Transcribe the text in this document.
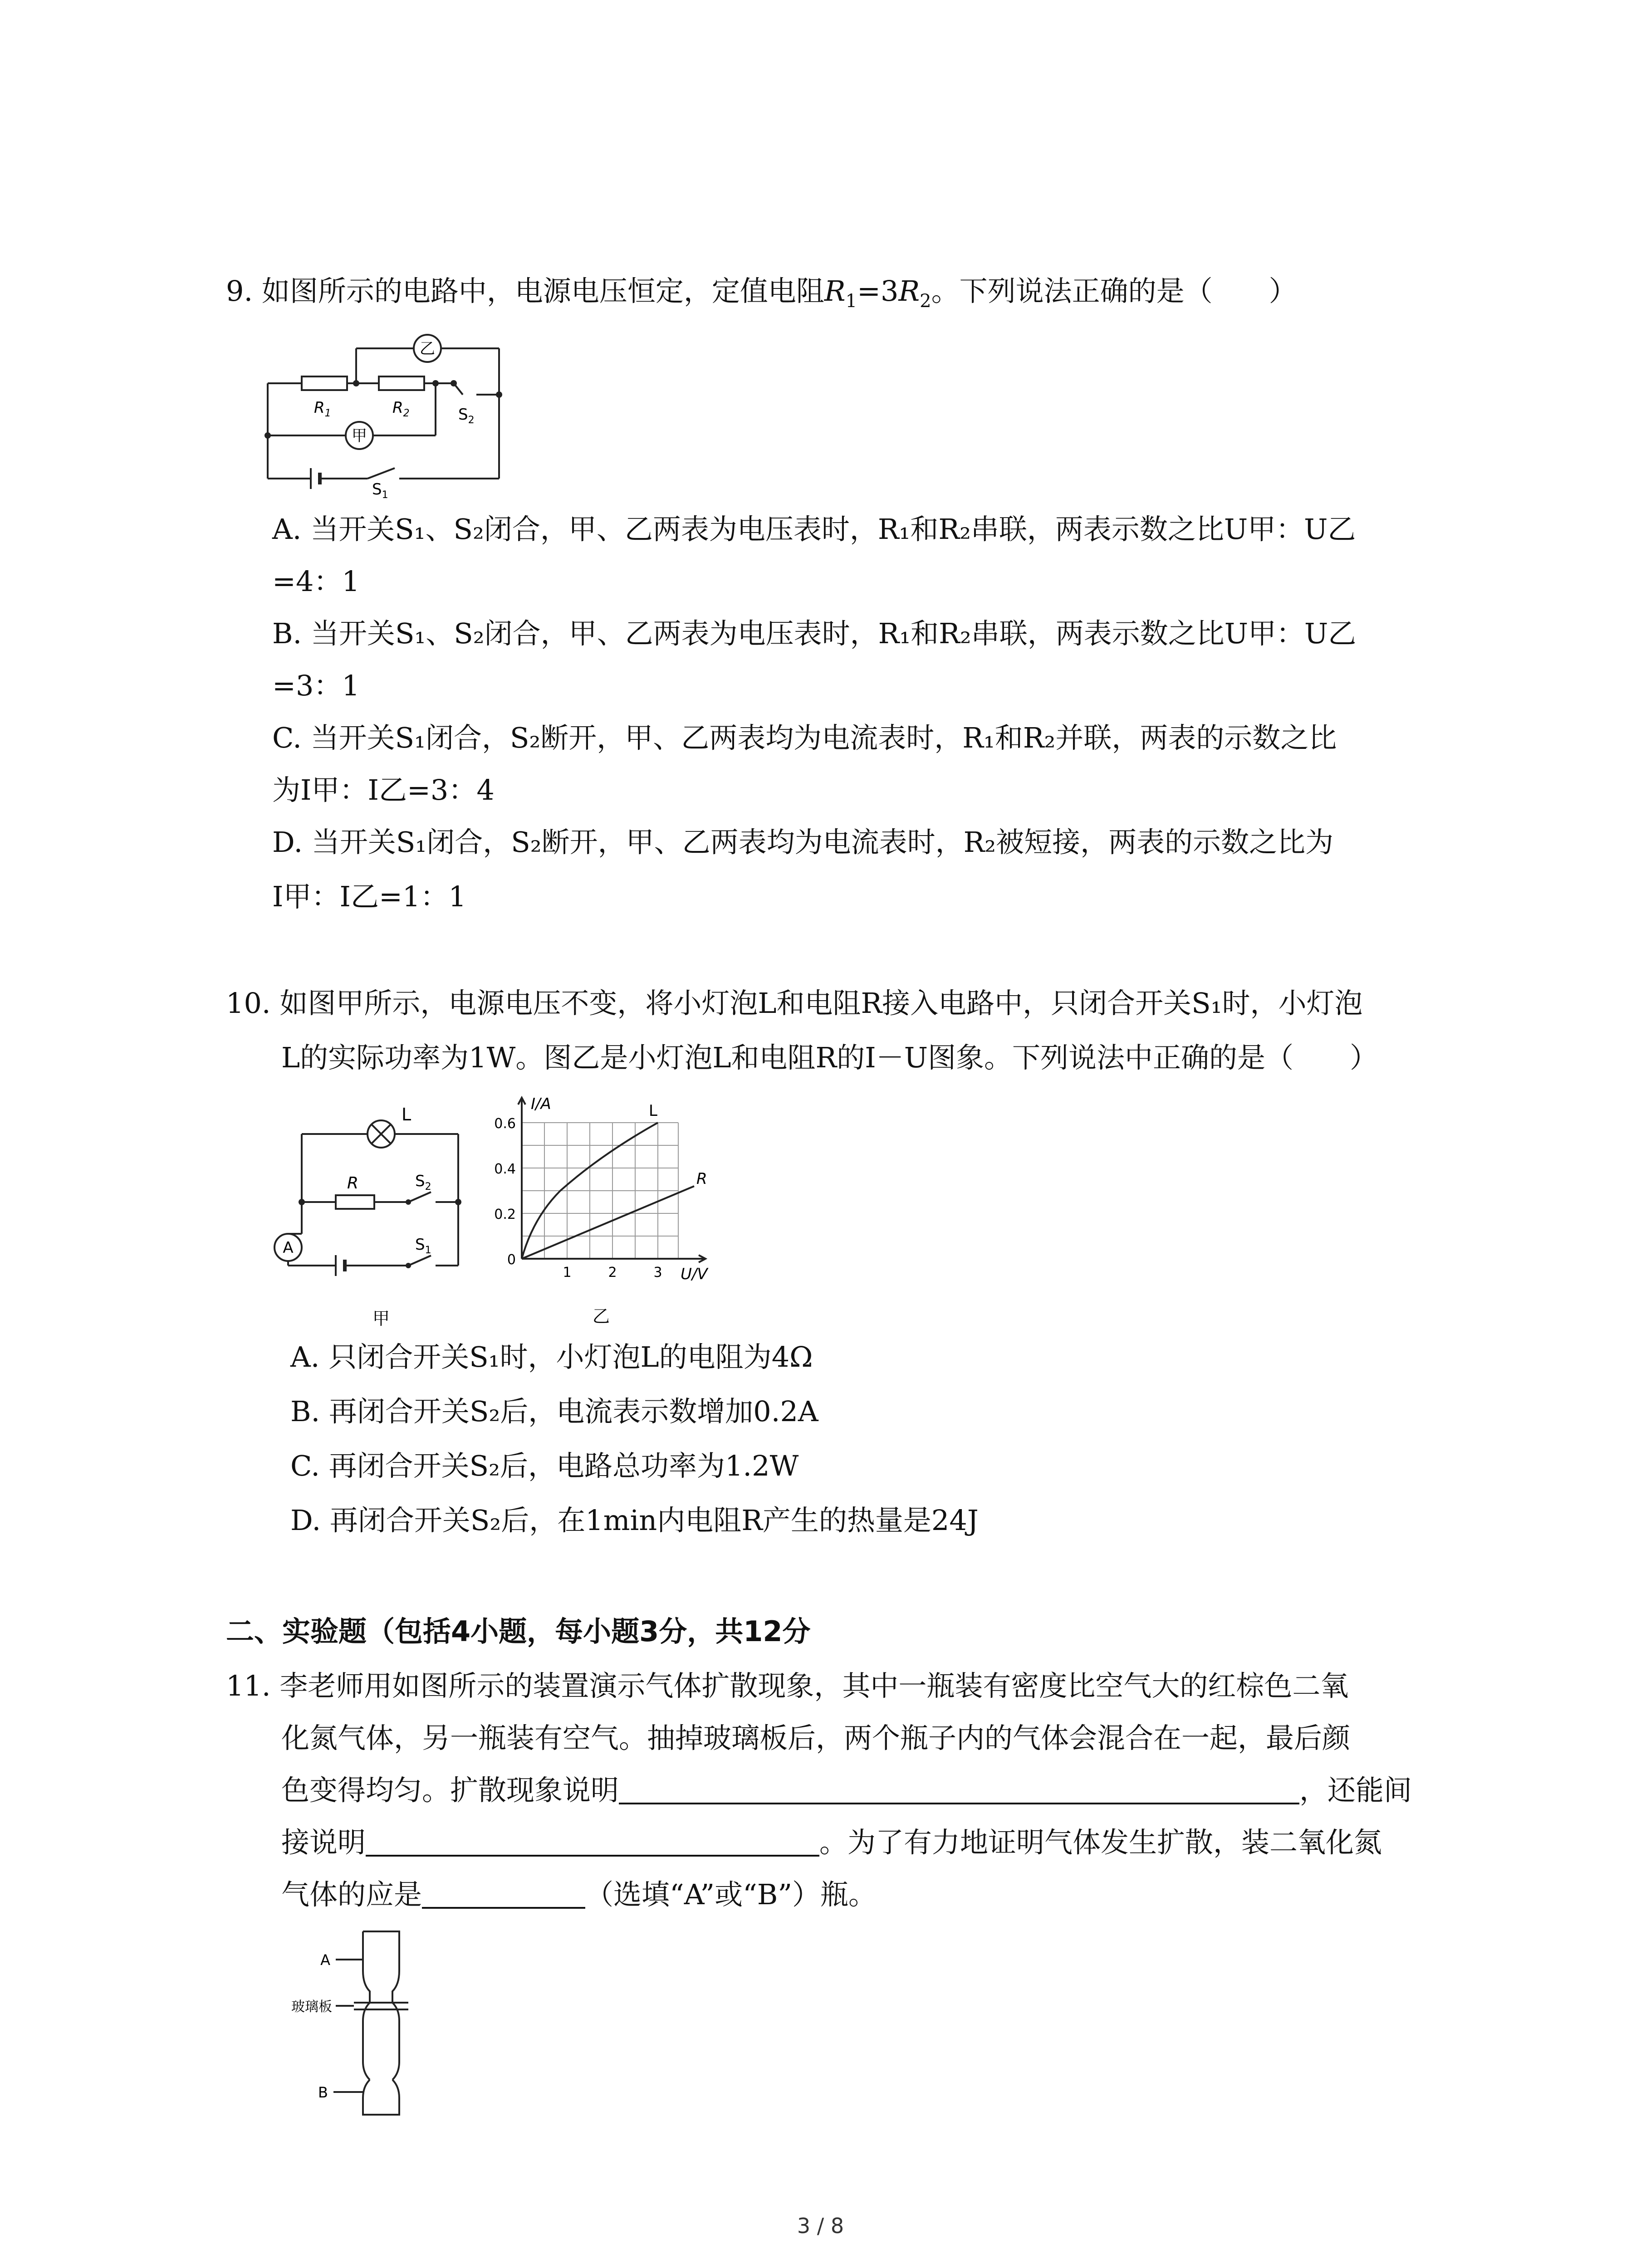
9. 如图所示的电路中，电源电压恒定，定值电阻$R_1=3R_2$。下列说法正确的是（　　）
$R_1$	$R_2$	$S_2$
$S_1$
甲
乙
A. 当开关S₁、S₂闭合，甲、乙两表为电压表时，R₁和R₂串联，两表示数之比U甲：U乙
=4：1
B. 当开关S₁、S₂闭合，甲、乙两表为电压表时，R₁和R₂串联，两表示数之比U甲：U乙
=3：1
C. 当开关S₁闭合，S₂断开，甲、乙两表均为电流表时，R₁和R₂并联，两表的示数之比
为I甲：I乙=3：4
D. 当开关S₁闭合，S₂断开，甲、乙两表均为电流表时，R₂被短接，两表的示数之比为
I甲：I乙=1：1
10. 如图甲所示，电源电压不变，将小灯泡L和电阻R接入电路中，只闭合开关S₁时，小灯泡
L的实际功率为1W。图乙是小灯泡L和电阻R的I－U图象。下列说法中正确的是（　　）
L
R	$S_2$
$S_1$
A
甲
I/A
U/V
0.6
0.4
0.2
0
1	2	3
L
R
乙
A. 只闭合开关S₁时，小灯泡L的电阻为4Ω
B. 再闭合开关S₂后，电流表示数增加0.2A
C. 再闭合开关S₂后，电路总功率为1.2W
D. 再闭合开关S₂后，在1min内电阻R产生的热量是24J
二、实验题（包括4小题，每小题3分，共12分
11. 李老师用如图所示的装置演示气体扩散现象，其中一瓶装有密度比空气大的红棕色二氧
化氮气体，另一瓶装有空气。抽掉玻璃板后，两个瓶子内的气体会混合在一起，最后颜
色变得均匀。扩散现象说明	，还能间
接说明	。为了有力地证明气体发生扩散，装二氧化氮
气体的应是	（选填“A”或“B”）瓶。
A
玻璃板
B
3 / 8
